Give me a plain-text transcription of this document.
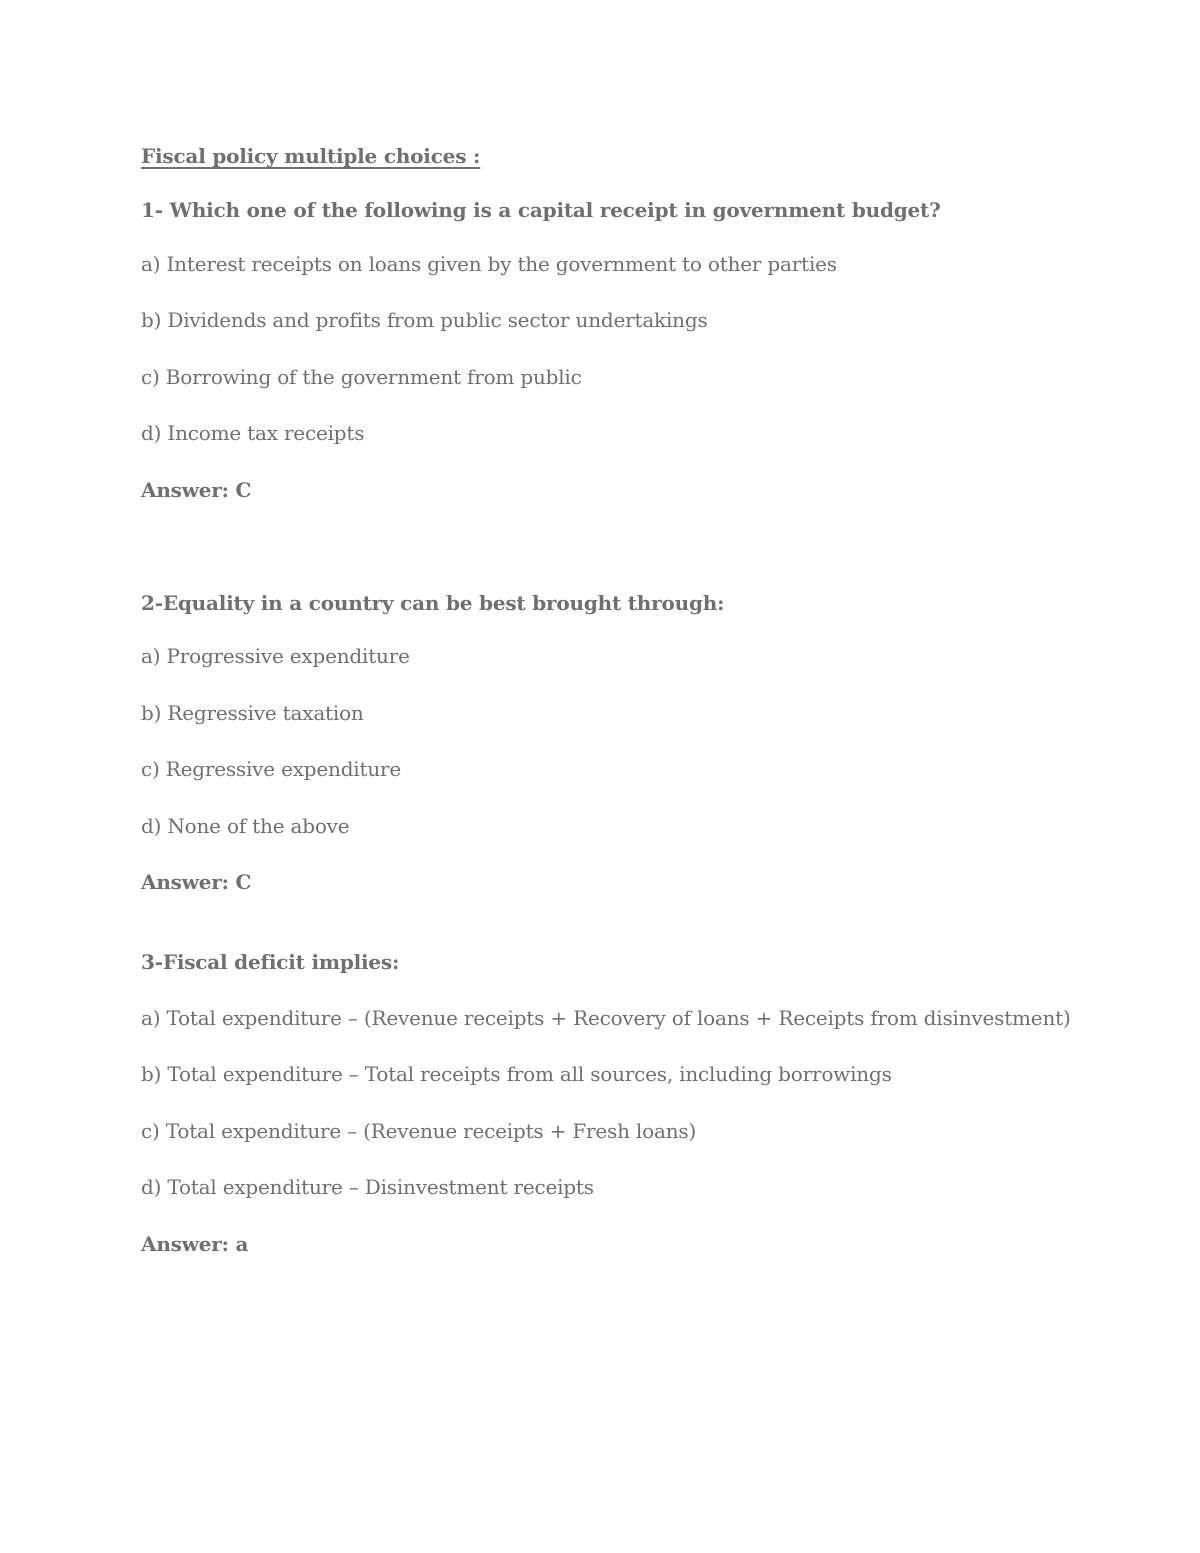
Fiscal policy multiple choices :

1- Which one of the following is a capital receipt in government budget?

a) Interest receipts on loans given by the government to other parties

b) Dividends and profits from public sector undertakings

c) Borrowing of the government from public

d) Income tax receipts

Answer: C

2-Equality in a country can be best brought through:

a) Progressive expenditure

b) Regressive taxation

c) Regressive expenditure

d) None of the above

Answer: C

3-Fiscal deficit implies:

a) Total expenditure – (Revenue receipts + Recovery of loans + Receipts from disinvestment)

b) Total expenditure – Total receipts from all sources, including borrowings

c) Total expenditure – (Revenue receipts + Fresh loans)

d) Total expenditure – Disinvestment receipts

Answer: a
